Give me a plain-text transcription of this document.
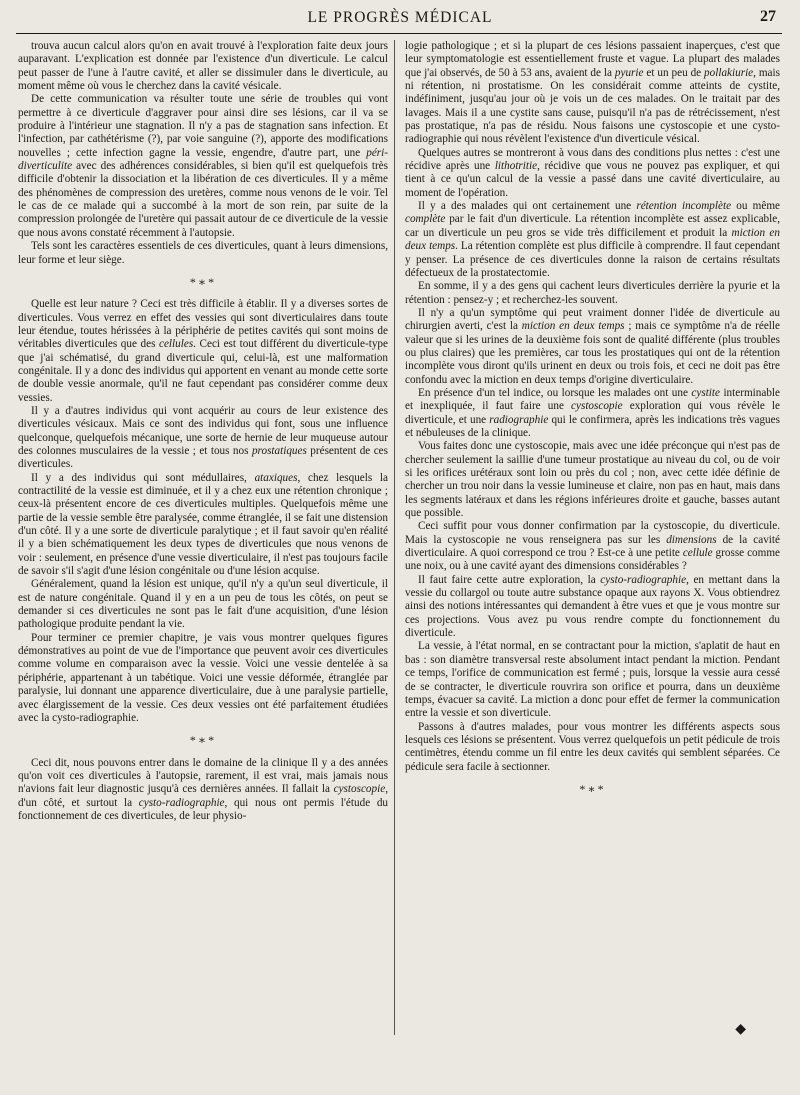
LE PROGRÈS MÉDICAL	27

trouva aucun calcul alors qu'on en avait trouvé à l'exploration faite deux jours auparavant. L'explication est donnée par l'existence d'un diverticule. Le calcul peut passer de l'une à l'autre cavité, et aller se dissimuler dans le diverticule, au moment même où vous le cherchez dans la cavité vésicale.

De cette communication va résulter toute une série de troubles qui vont permettre à ce diverticule d'aggraver pour ainsi dire ses lésions, car il va se produire à l'intérieur une stagnation. Il n'y a pas de stagnation sans infection. Et l'infection, par cathétérisme (?), par voie sanguine (?), apporte des modifications nouvelles ; cette infection gagne la vessie, engendre, d'autre part, une péri-diverticulite avec des adhérences considérables, si bien qu'il est quelquefois très difficile d'obtenir la dissociation et la libération de ces diverticules. Il y a même des phénomènes de compression des uretères, comme nous venons de le voir. Tel le cas de ce malade qui a succombé à la mort de son rein, par suite de la compression prolongée de l'uretère qui passait autour de ce diverticule de la vessie que nous avons constaté récemment à l'autopsie.

Tels sont les caractères essentiels de ces diverticules, quant à leurs dimensions, leur forme et leur siège.

*∗*

Quelle est leur nature ? Ceci est très difficile à établir. Il y a diverses sortes de diverticules. Vous verrez en effet des vessies qui sont diverticulaires dans toute leur étendue, toutes hérissées à la périphérie de petites cavités qui sont moins de véritables diverticules que des cellules. Ceci est tout différent du diverticule-type que j'ai schématisé, du grand diverticule qui, celui-là, est une malformation congénitale. Il y a donc des individus qui apportent en venant au monde cette sorte de double vessie anormale, qu'il ne faut cependant pas considérer comme deux vessies.

Il y a d'autres individus qui vont acquérir au cours de leur existence des diverticules vésicaux. Mais ce sont des individus qui font, sous une influence quelconque, quelquefois mécanique, une sorte de hernie de leur muqueuse autour des colonnes musculaires de la vessie ; et tous nos prostatiques présentent de ces diverticules.

Il y a des individus qui sont médullaires, ataxiques, chez lesquels la contractilité de la vessie est diminuée, et il y a chez eux une rétention chronique ; ceux-là présentent encore de ces diverticules multiples. Quelquefois même une partie de la vessie semble être paralysée, comme étranglée, il se fait une distension d'un côté. Il y a une sorte de diverticule paralytique ; et il faut savoir qu'en réalité il y a bien schématiquement les deux types de diverticules que nous venons de voir : seulement, en présence d'une vessie diverticulaire, il n'est pas toujours facile de savoir s'il s'agit d'une lésion congénitale ou d'une lésion acquise.

Généralement, quand la lésion est unique, qu'il n'y a qu'un seul diverticule, il est de nature congénitale. Quand il y en a un peu de tous les côtés, on peut se demander si ces diverticules ne sont pas le fait d'une acquisition, d'une lésion pathologique produite pendant la vie.

Pour terminer ce premier chapitre, je vais vous montrer quelques figures démonstratives au point de vue de l'importance que peuvent avoir ces diverticules comme volume en comparaison avec la vessie. Voici une vessie dentelée à sa périphérie, appartenant à un tabétique. Voici une vessie déformée, étranglée par paralysie, lui donnant une apparence diverticulaire, due à une paralysie partielle, avec élargissement de la vessie. Ces deux vessies ont été parfaitement étudiées avec la cysto-radiographie.

*∗*

Ceci dit, nous pouvons entrer dans le domaine de la clinique Il y a des années qu'on voit ces diverticules à l'autopsie, rarement, il est vrai, mais jamais nous n'avions fait leur diagnostic jusqu'à ces dernières années. Il fallait la cystoscopie, d'un côté, et surtout la cysto-radiographie, qui nous ont permis l'étude du fonctionnement de ces diverticules, de leur physio-

logie pathologique ; et si la plupart de ces lésions passaient inaperçues, c'est que leur symptomatologie est essentiellement fruste et vague. La plupart des malades que j'ai observés, de 50 à 53 ans, avaient de la pyurie et un peu de pollakiurie, mais ni rétention, ni prostatisme. On les considérait comme atteints de cystite, indéfiniment, jusqu'au jour où je vois un de ces malades. On le traitait par des lavages. Mais il a une cystite sans cause, puisqu'il n'a pas de rétrécissement, n'est pas prostatique, n'a pas de résidu. Nous faisons une cystoscopie et une cysto-radiographie qui nous révèlent l'existence d'un diverticule vésical.

Quelques autres se montreront à vous dans des conditions plus nettes : c'est une récidive après une lithotritie, récidive que vous ne pouvez pas expliquer, et qui tient à ce qu'un calcul de la vessie a passé dans une cavité diverticulaire, au moment de l'opération.

Il y a des malades qui ont certainement une rétention incomplète ou même complète par le fait d'un diverticule. La rétention incomplète est assez explicable, car un diverticule un peu gros se vide très difficilement et produit la miction en deux temps. La rétention complète est plus difficile à comprendre. Il faut cependant y penser. La présence de ces diverticules donne la raison de certains résultats défectueux de la prostatectomie.

En somme, il y a des gens qui cachent leurs diverticules derrière la pyurie et la rétention : pensez-y ; et recherchez-les souvent.

Il n'y a qu'un symptôme qui peut vraiment donner l'idée de diverticule au chirurgien averti, c'est la miction en deux temps ; mais ce symptôme n'a de réelle valeur que si les urines de la deuxième fois sont de qualité différente (plus troubles ou plus claires) que les premières, car tous les prostatiques qui ont de la rétention incomplète vous diront qu'ils urinent en deux ou trois fois, et ceci ne doit pas être confondu avec la miction en deux temps d'origine diverticulaire.

En présence d'un tel indice, ou lorsque les malades ont une cystite interminable et inexpliquée, il faut faire une cystoscopie exploration qui vous révèle le diverticule, et une radiographie qui le confirmera, après les indications très vagues et nébuleuses de la clinique.

Vous faites donc une cystoscopie, mais avec une idée préconçue qui n'est pas de chercher seulement la saillie d'une tumeur prostatique au niveau du col, ou de voir si les orifices urétéraux sont loin ou près du col ; non, avec cette idée définie de chercher un trou noir dans la vessie lumineuse et claire, non pas en haut, mais dans les segments latéraux et dans les régions inférieures droite et gauche, basses autant que possible.

Ceci suffit pour vous donner confirmation par la cystoscopie, du diverticule. Mais la cystoscopie ne vous renseignera pas sur les dimensions de la cavité diverticulaire. A quoi correspond ce trou ? Est-ce à une petite cellule grosse comme une noix, ou à une cavité ayant des dimensions considérables ?

Il faut faire cette autre exploration, la cysto-radiographie, en mettant dans la vessie du collargol ou toute autre substance opaque aux rayons X. Vous obtiendrez ainsi des notions intéressantes qui demandent à être vues et que je vous montre sur ces projections. Vous avez pu vous rendre compte du fonctionnement du diverticule.

La vessie, à l'état normal, en se contractant pour la miction, s'aplatit de haut en bas : son diamètre transversal reste absolument intact pendant la miction. Pendant ce temps, l'orifice de communication est fermé ; puis, lorsque la vessie aura cessé de se contracter, le diverticule rouvrira son orifice et pourra, dans un deuxième temps, évacuer sa cavité. La miction a donc pour effet de fermer la communication entre la vessie et son diverticule.

Passons à d'autres malades, pour vous montrer les différents aspects sous lesquels ces lésions se présentent. Vous verrez quelquefois un petit pédicule de trois centimètres, étendu comme un fil entre les deux cavités qui semblent séparées. Ce pédicule sera facile à sectionner.

*∗*
◆
